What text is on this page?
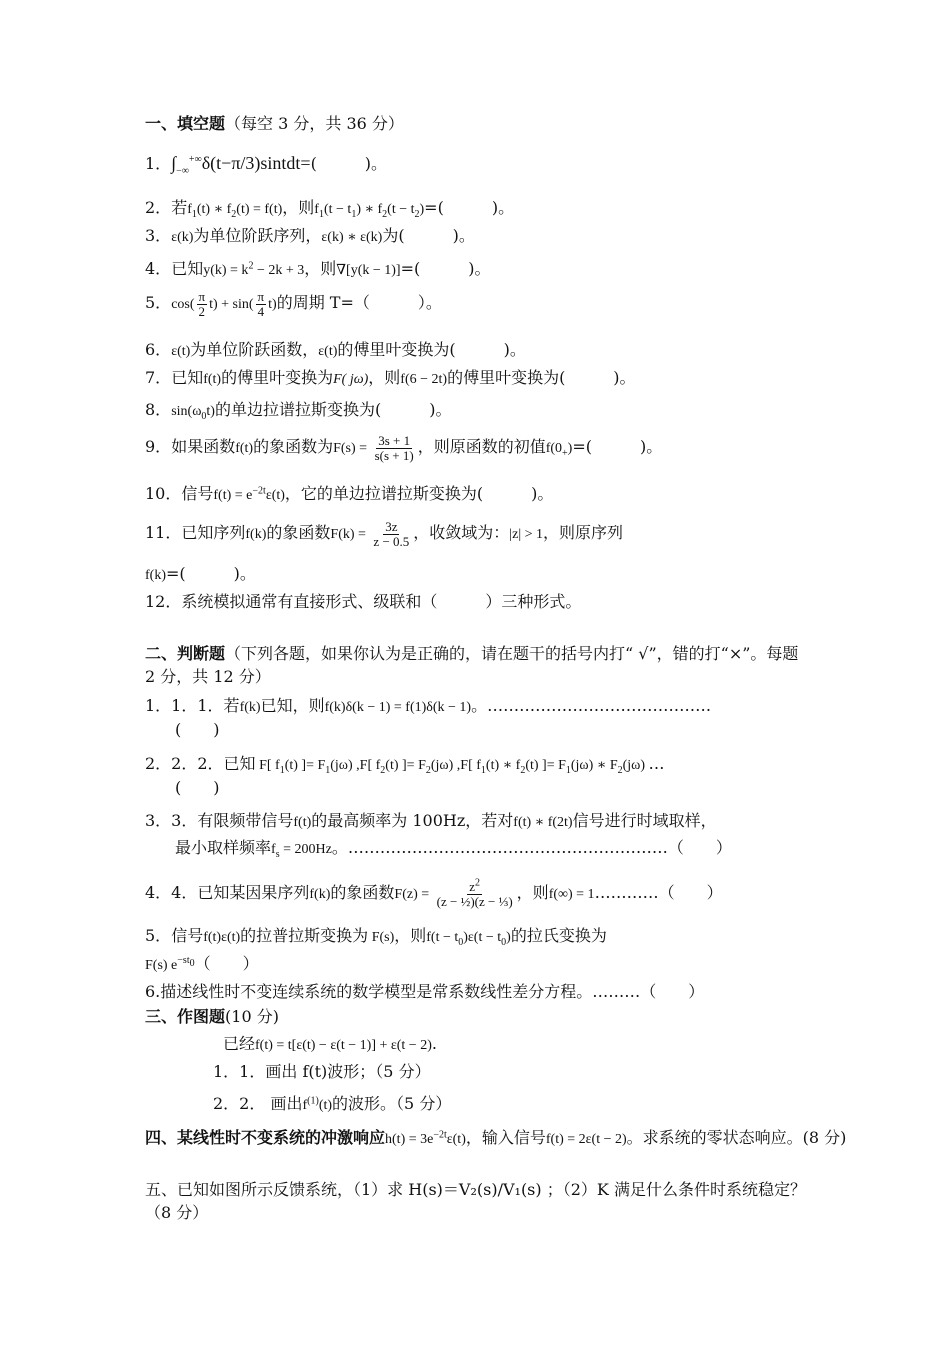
一、填空题（每空 3 分，共 36 分）
1．$\int_{-\infty}^{+\infty}\delta(t-\pi/3)sintdt=$(　　　)。
2．若$f_1(t)$ ∗ $f_2(t) = f(t)$，则$f_1(t - t_1)$ ∗ $f_2(t - t_2)=$(　　　)。
3．ε(k)为单位阶跃序列，ε(k) ∗ ε(k)为(　　　)。
4．已知$y(k) = k^2 - 2k + 3$，则∇[y(k − 1)]=(　　　)。
5．$\cos( \frac{\pi}{2} t) + \sin( \frac{\pi}{4} t)$的周期 T=（　　　）。
6．ε(t)为单位阶跃函数，ε(t)的傅里叶变换为(　　　)。
7．已知f(t)的傅里叶变换为F( jω)，则f(6 − 2t)的傅里叶变换为(　　　)。
8．$\sin(\omega_0t)$的单边拉谱拉斯变换为(　　　)。
9．如果函数f(t)的象函数为$F(s) = \frac{3s + 1}{s(s + 1)}$ ，则原函数的初值$f(0_+)=$(　　　)。
10．信号$f(t) = e^{-2t}\varepsilon(t)$，它的单边拉谱拉斯变换为(　　　)。
11．已知序列f(k)的象函数$F(k) = \frac{3z}{z - 0.5}$ ，收敛域为：|z| > 1，则原序列
f(k)=(　　　)。
12．系统模拟通常有直接形式、级联和（　　　）三种形式。
二、判断题（下列各题，如果你认为是正确的，请在题干的括号内打“ √”，错的打“×”。每题 2 分，共 12 分）
1．1．1．若f(k)已知，则f(k)δ(k − 1) = f(1)δ(k − 1)。……………………………………
(　　)
2．2．2．已知 F[ $f_1(t)$ ]= $F_1(j\omega)$ ,F[ $f_2(t)$ ]= $F_2(j\omega)$ ,F[ $f_1(t)$ ∗ $f_2(t)$ ]= $F_1(j\omega)$ ∗ $F_2(j\omega)$ …
(　　)
3．3．有限频带信号f(t)的最高频率为 100Hz，若对f(t) ∗ f(2t)信号进行时域取样，
最小取样频率$f_s = 200Hz$。……………………………………………………（　　）
4．4．已知某因果序列f(k)的象函数$F(z) = \frac{z^2}{\text{(z − ½)(z − ⅓)}}$ ，则f(∞) = 1…………（　　）
5．信号f(t)ε(t)的拉普拉斯变换为 F(s)，则$f(t - t_0)\varepsilon(t - t_0)$的拉氏变换为
F(s) $e^{-st_0}$（　　）
6.描述线性时不变连续系统的数学模型是常系数线性差分方程。………（　　）
三、作图题(10 分)
已经f(t) = t[ε(t) − ε(t − 1)] + ε(t − 2).
1．1．画出 f(t)波形；（5 分）
2．2． 画出$f^{(1)}(t)$的波形。（5 分）
四、某线性时不变系统的冲激响应$h(t) = 3e^{-2t}\varepsilon(t)$，输入信号f(t) = 2ε(t − 2)。求系统的零状态响应。(8 分)
五、已知如图所示反馈系统，（1）求 H(s)＝V₂(s)/V₁(s) ；（2）K 满足什么条件时系统稳定？（8 分）
